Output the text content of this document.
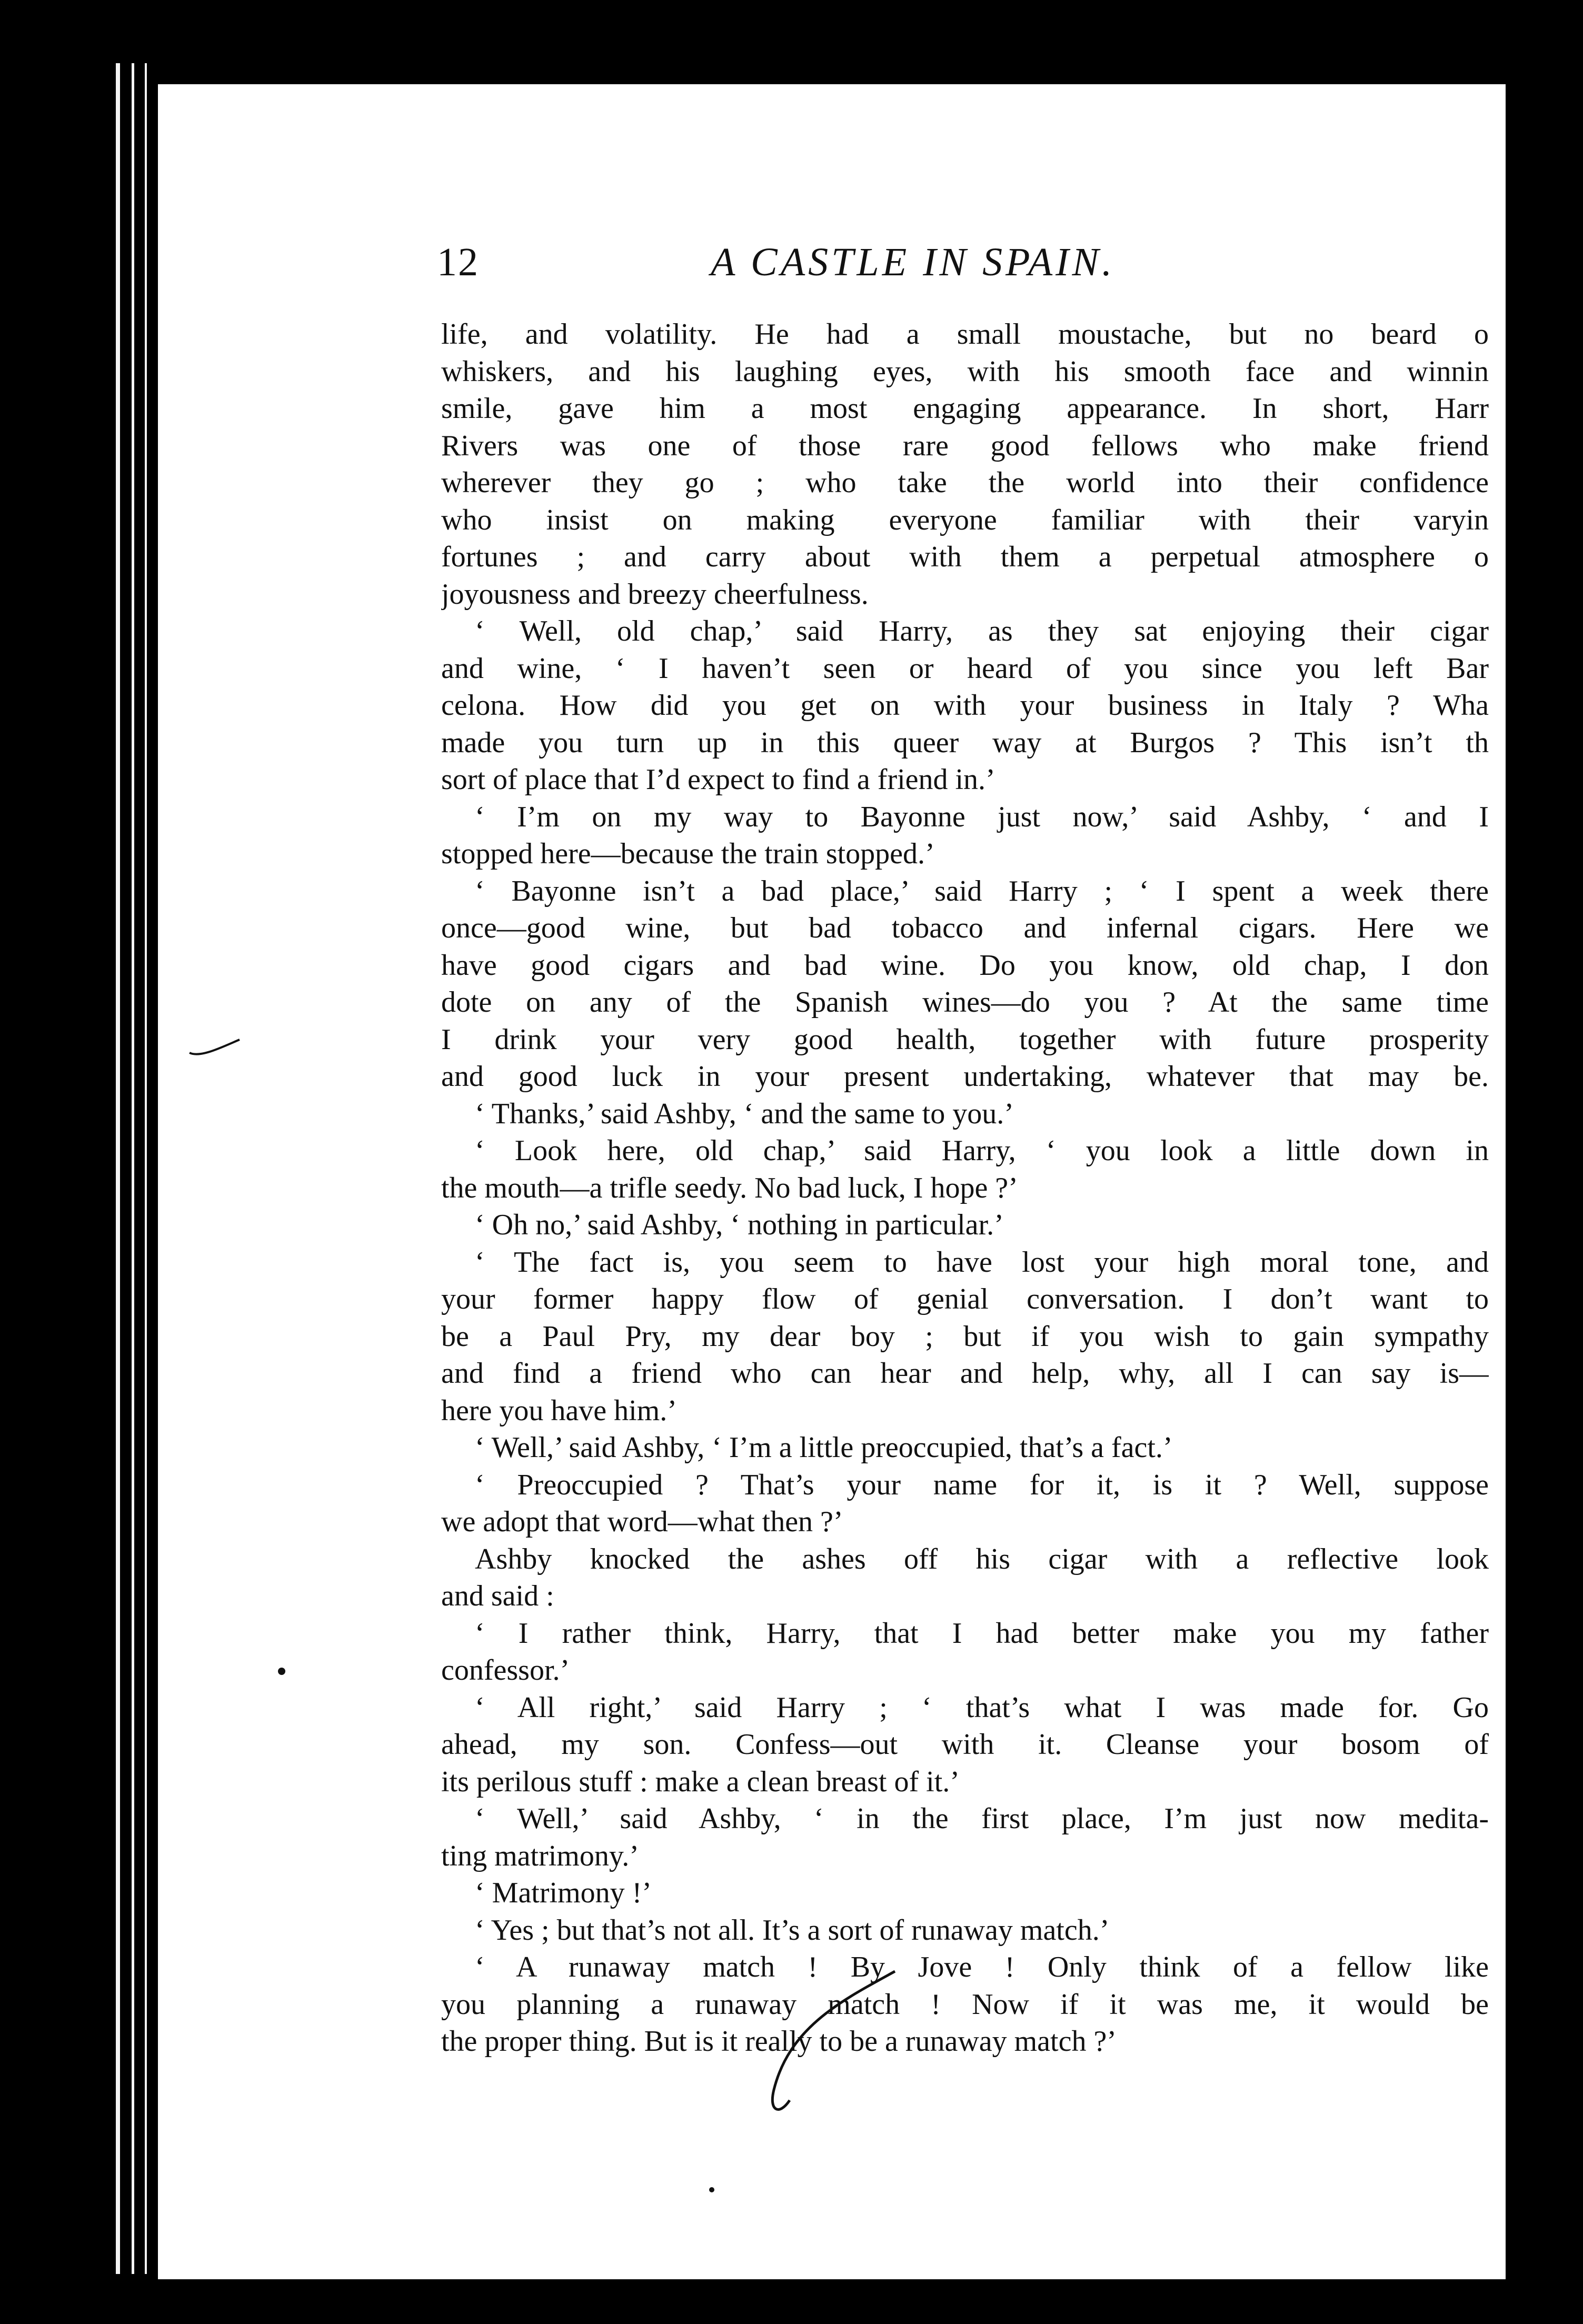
12	A CASTLE IN SPAIN.
life, and volatility. He had a small moustache, but no beard o
whiskers, and his laughing eyes, with his smooth face and winnin
smile, gave him a most engaging appearance. In short, Harr
Rivers was one of those rare good fellows who make friend
wherever they go ; who take the world into their confidence
who insist on making everyone familiar with their varyin
fortunes ; and carry about with them a perpetual atmosphere o
joyousness and breezy cheerfulness.
‘ Well, old chap,’ said Harry, as they sat enjoying their cigar
and wine, ‘ I haven’t seen or heard of you since you left Bar
celona. How did you get on with your business in Italy ? Wha
made you turn up in this queer way at Burgos ? This isn’t th
sort of place that I’d expect to find a friend in.’
‘ I’m on my way to Bayonne just now,’ said Ashby, ‘ and I
stopped here—because the train stopped.’
‘ Bayonne isn’t a bad place,’ said Harry ; ‘ I spent a week there
once—good wine, but bad tobacco and infernal cigars. Here we
have good cigars and bad wine. Do you know, old chap, I don
dote on any of the Spanish wines—do you ? At the same time
I drink your very good health, together with future prosperity
and good luck in your present undertaking, whatever that may be.
‘ Thanks,’ said Ashby, ‘ and the same to you.’
‘ Look here, old chap,’ said Harry, ‘ you look a little down in
the mouth—a trifle seedy. No bad luck, I hope ?’
‘ Oh no,’ said Ashby, ‘ nothing in particular.’
‘ The fact is, you seem to have lost your high moral tone, and
your former happy flow of genial conversation. I don’t want to
be a Paul Pry, my dear boy ; but if you wish to gain sympathy
and find a friend who can hear and help, why, all I can say is—
here you have him.’
‘ Well,’ said Ashby, ‘ I’m a little preoccupied, that’s a fact.’
‘ Preoccupied ? That’s your name for it, is it ? Well, suppose
we adopt that word—what then ?’
Ashby knocked the ashes off his cigar with a reflective look
and said :
‘ I rather think, Harry, that I had better make you my father
confessor.’
‘ All right,’ said Harry ; ‘ that’s what I was made for. Go
ahead, my son. Confess—out with it. Cleanse your bosom of
its perilous stuff : make a clean breast of it.’
‘ Well,’ said Ashby, ‘ in the first place, I’m just now medita-
ting matrimony.’
‘ Matrimony !’
‘ Yes ; but that’s not all. It’s a sort of runaway match.’
‘ A runaway match ! By Jove ! Only think of a fellow like
you planning a runaway match ! Now if it was me, it would be
the proper thing. But is it really to be a runaway match ?’
